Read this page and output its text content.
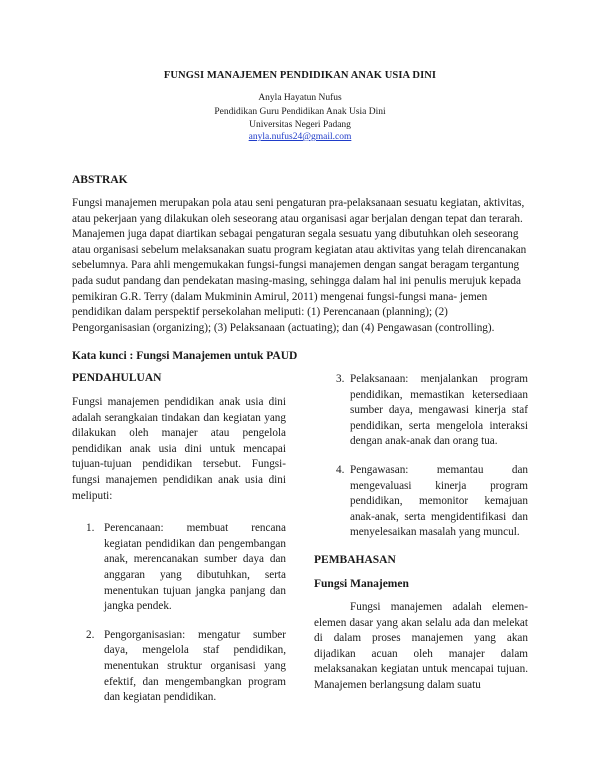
FUNGSI MANAJEMEN PENDIDIKAN ANAK USIA DINI
Anyla Hayatun Nufus
Pendidikan Guru Pendidikan Anak Usia Dini
Universitas Negeri Padang
anyla.nufus24@gmail.com
ABSTRAK
Fungsi manajemen merupakan pola atau seni pengaturan pra-pelaksanaan sesuatu kegiatan, aktivitas, atau pekerjaan yang dilakukan oleh seseorang atau organisasi agar berjalan dengan tepat dan terarah. Manajemen juga dapat diartikan sebagai pengaturan segala sesuatu yang dibutuhkan oleh seseorang atau organisasi sebelum melaksanakan suatu program kegiatan atau aktivitas yang telah direncanakan sebelumnya. Para ahli mengemukakan fungsi-fungsi manajemen dengan sangat beragam tergantung pada sudut pandang dan pendekatan masing-masing, sehingga dalam hal ini penulis merujuk kepada pemikiran G.R. Terry (dalam Mukminin Amirul, 2011) mengenai fungsi-fungsi mana- jemen pendidikan dalam perspektif persekolahan meliputi: (1) Perencanaan (planning); (2) Pengorganisasian (organizing); (3) Pelaksanaan (actuating); dan (4) Pengawasan (controlling).
Kata kunci : Fungsi Manajemen untuk PAUD
PENDAHULUAN

Fungsi manajemen pendidikan anak usia dini adalah serangkaian tindakan dan kegiatan yang dilakukan oleh manajer atau pengelola pendidikan anak usia dini untuk mencapai tujuan-tujuan pendidikan tersebut. Fungsi-fungsi manajemen pendidikan anak usia dini meliputi:

1. Perencanaan: membuat rencana kegiatan pendidikan dan pengembangan anak, merencanakan sumber daya dan anggaran yang dibutuhkan, serta menentukan tujuan jangka panjang dan jangka pendek.
2. Pengorganisasian: mengatur sumber daya, mengelola staf pendidikan, menentukan struktur organisasi yang efektif, dan mengembangkan program dan kegiatan pendidikan.
3. Pelaksanaan: menjalankan program pendidikan, memastikan ketersediaan sumber daya, mengawasi kinerja staf pendidikan, serta mengelola interaksi dengan anak-anak dan orang tua.
4. Pengawasan: memantau dan mengevaluasi kinerja program pendidikan, memonitor kemajuan anak-anak, serta mengidentifikasi dan menyelesaikan masalah yang muncul.
PEMBAHASAN
Fungsi Manajemen

Fungsi manajemen adalah elemen-elemen dasar yang akan selalu ada dan melekat di dalam proses manajemen yang akan dijadikan acuan oleh manajer dalam melaksanakan kegiatan untuk mencapai tujuan. Manajemen berlangsung dalam suatu
